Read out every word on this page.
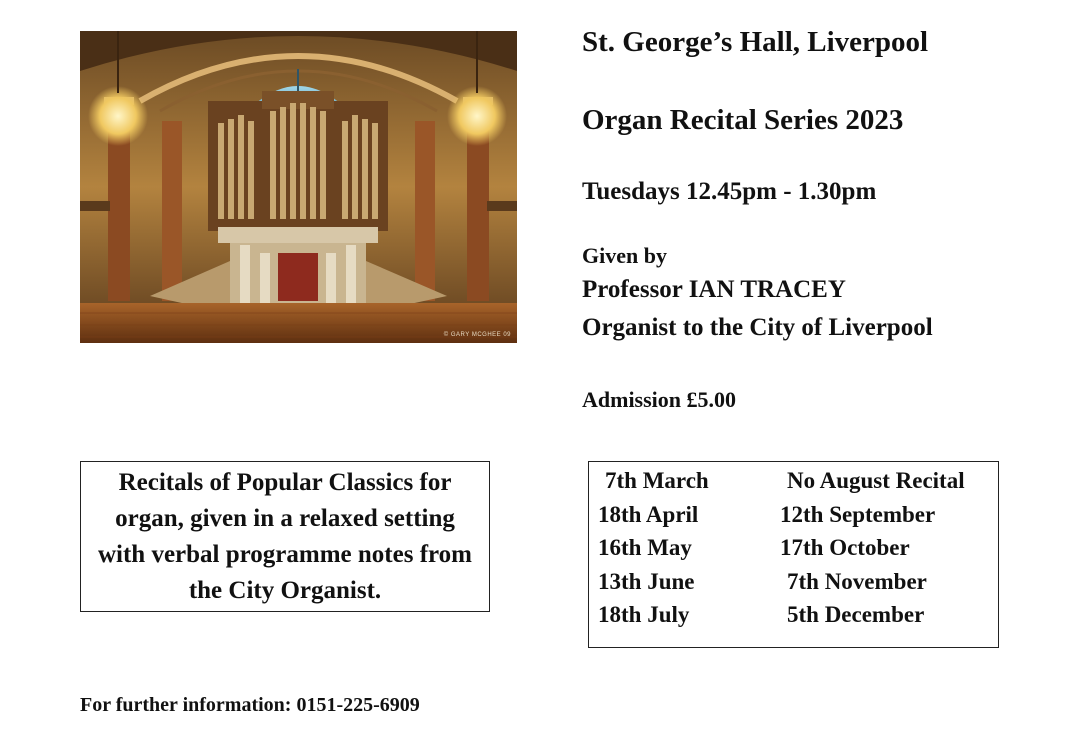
© GARY MCGHEE 09
St. George’s Hall, Liverpool
Organ Recital Series 2023
Tuesdays 12.45pm - 1.30pm
Given by
Professor IAN TRACEY
Organist to the City of Liverpool
Admission £5.00
Recitals of Popular Classics for organ, given in a relaxed setting with verbal programme notes from the City Organist.
7th March
18th April
16th May
13th June
18th July
No August Recital
12th September
17th October
7th November
5th December
For further information: 0151-225-6909
